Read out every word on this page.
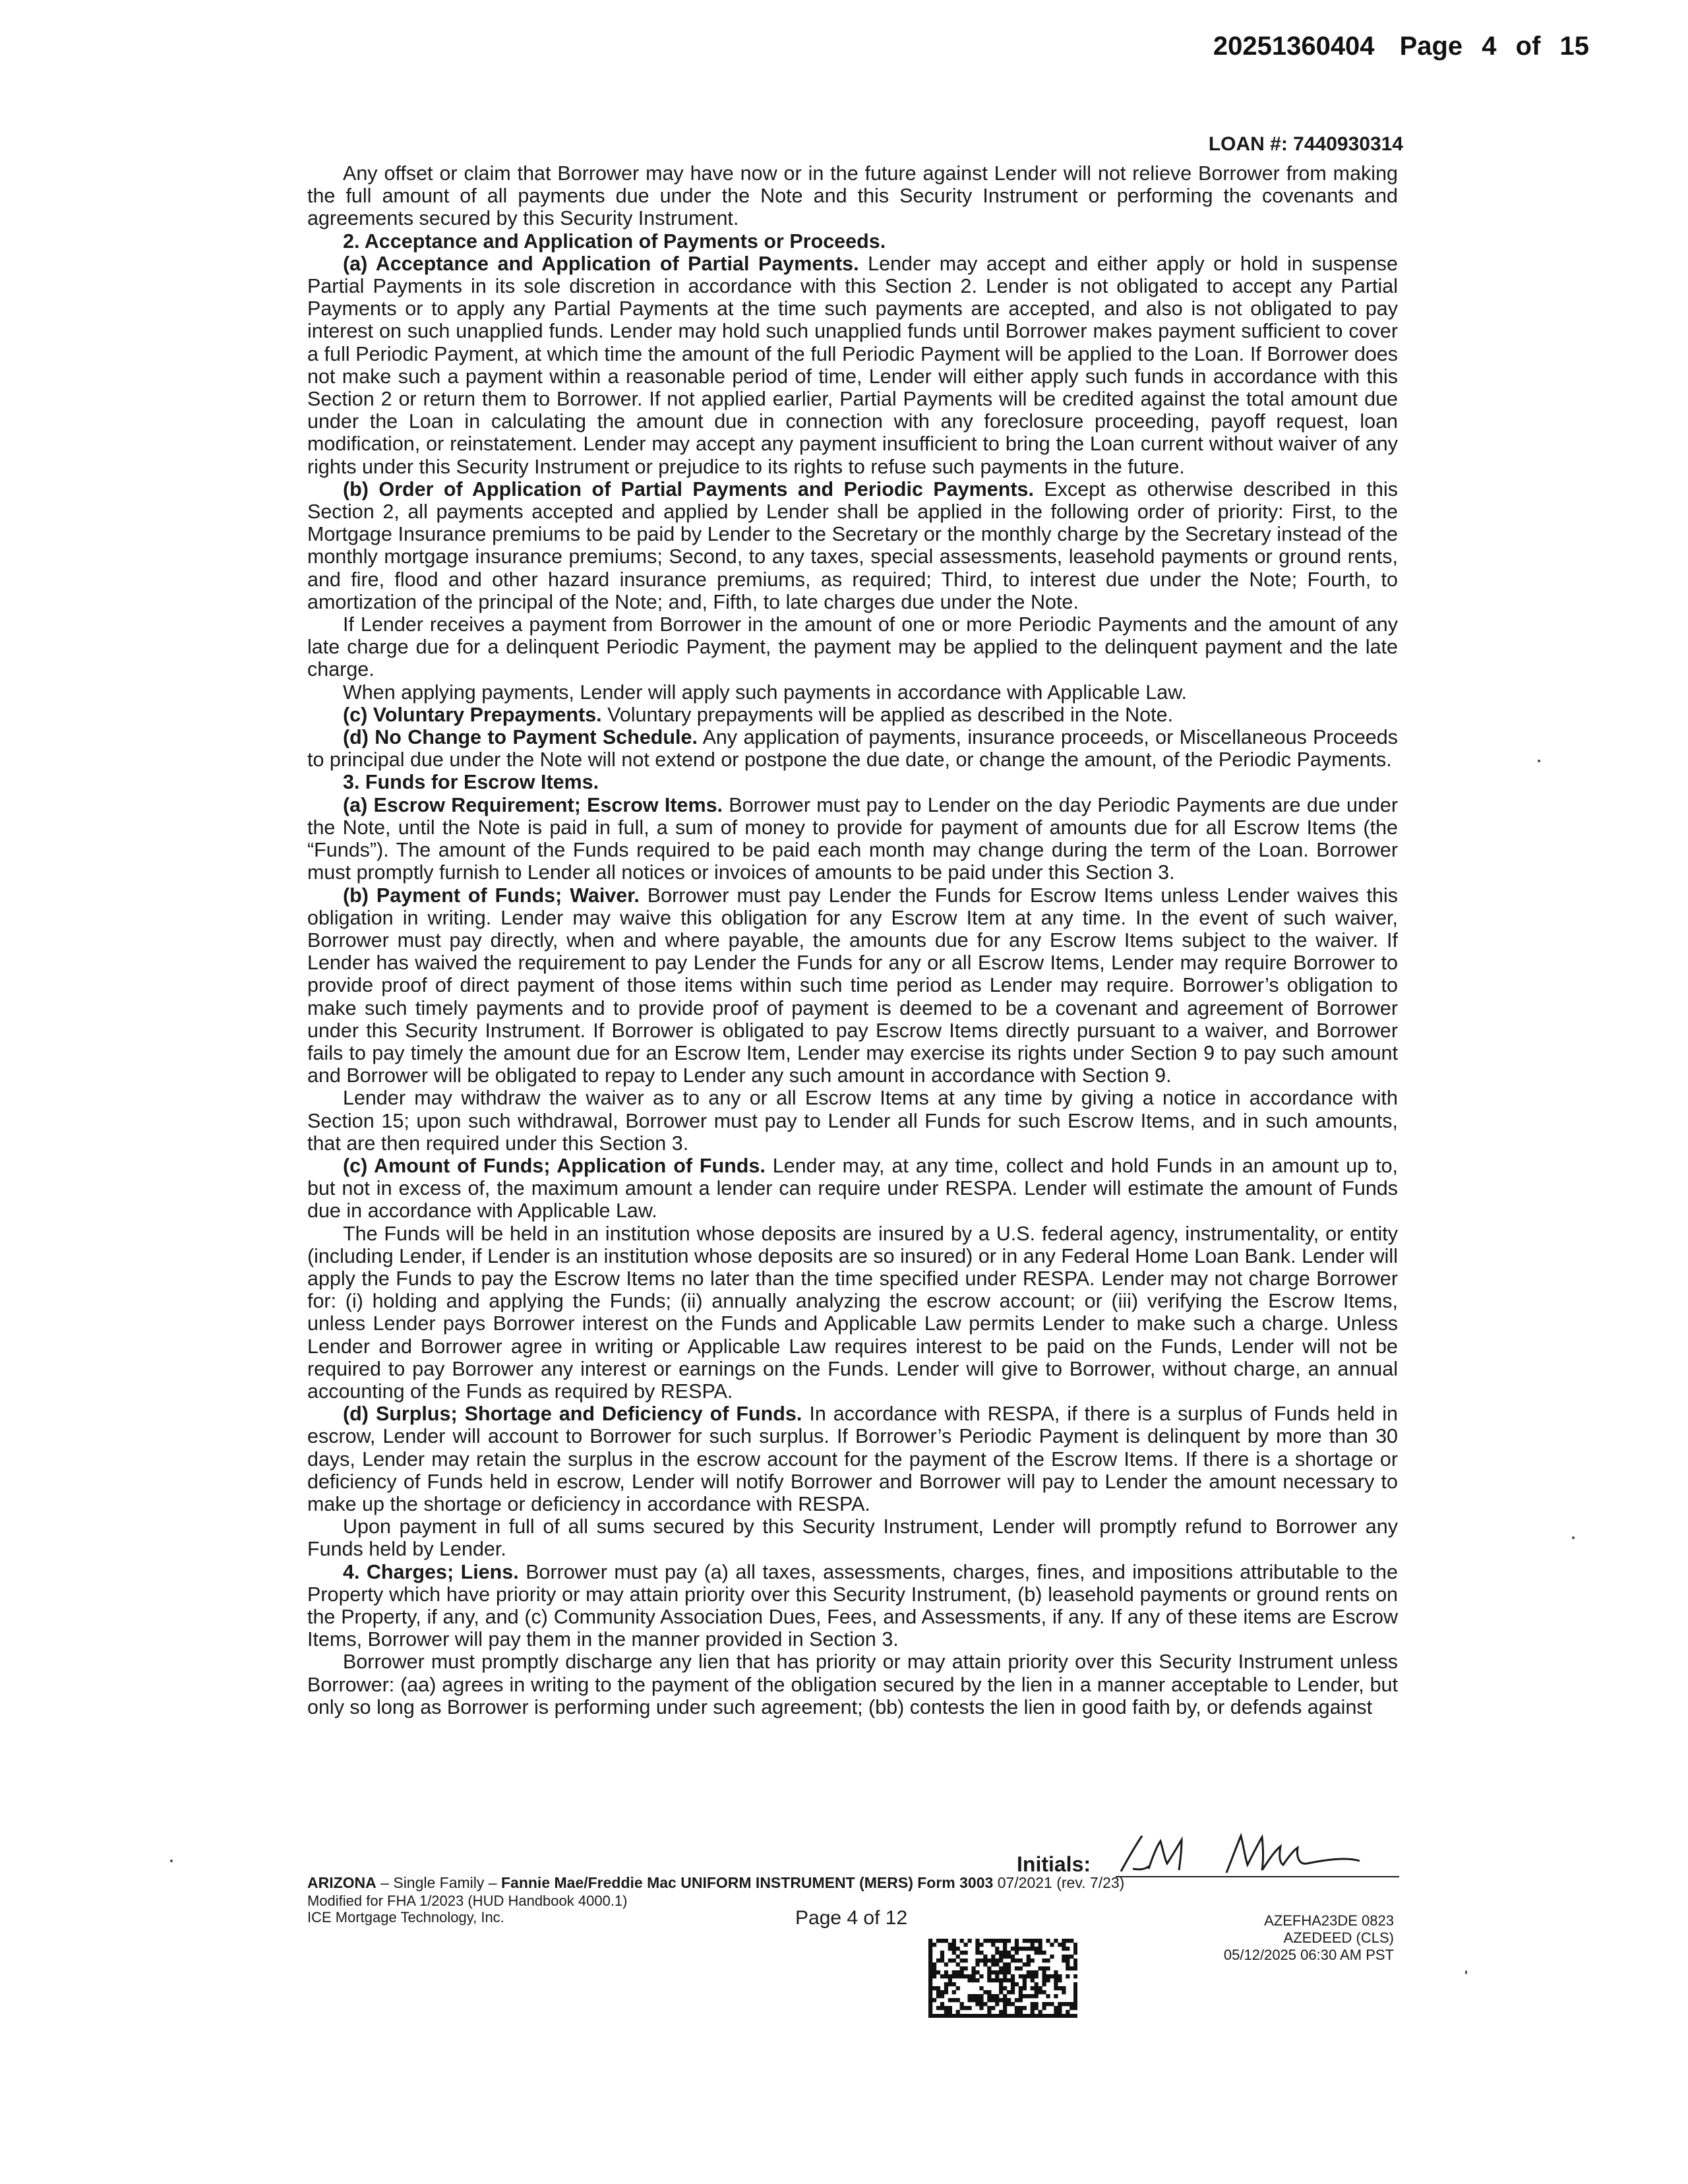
20251360404 Page 4 of 15
LOAN #: 7440930314

Any offset or claim that Borrower may have now or in the future against Lender will not relieve Borrower from making the full amount of all payments due under the Note and this Security Instrument or performing the covenants and agreements secured by this Security Instrument.

2. Acceptance and Application of Payments or Proceeds.

(a) Acceptance and Application of Partial Payments. Lender may accept and either apply or hold in suspense Partial Payments in its sole discretion in accordance with this Section 2. Lender is not obligated to accept any Partial Payments or to apply any Partial Payments at the time such payments are accepted, and also is not obligated to pay interest on such unapplied funds. Lender may hold such unapplied funds until Borrower makes payment sufficient to cover a full Periodic Payment, at which time the amount of the full Periodic Payment will be applied to the Loan. If Borrower does not make such a payment within a reasonable period of time, Lender will either apply such funds in accordance with this Section 2 or return them to Borrower. If not applied earlier, Partial Payments will be credited against the total amount due under the Loan in calculating the amount due in connection with any foreclosure proceeding, payoff request, loan modification, or reinstatement. Lender may accept any payment insufficient to bring the Loan current without waiver of any rights under this Security Instrument or prejudice to its rights to refuse such payments in the future.

(b) Order of Application of Partial Payments and Periodic Payments. Except as otherwise described in this Section 2, all payments accepted and applied by Lender shall be applied in the following order of priority: First, to the Mortgage Insurance premiums to be paid by Lender to the Secretary or the monthly charge by the Secretary instead of the monthly mortgage insurance premiums; Second, to any taxes, special assessments, leasehold payments or ground rents, and fire, flood and other hazard insurance premiums, as required; Third, to interest due under the Note; Fourth, to amortization of the principal of the Note; and, Fifth, to late charges due under the Note.

If Lender receives a payment from Borrower in the amount of one or more Periodic Payments and the amount of any late charge due for a delinquent Periodic Payment, the payment may be applied to the delinquent payment and the late charge.

When applying payments, Lender will apply such payments in accordance with Applicable Law.

(c) Voluntary Prepayments. Voluntary prepayments will be applied as described in the Note.

(d) No Change to Payment Schedule. Any application of payments, insurance proceeds, or Miscellaneous Proceeds to principal due under the Note will not extend or postpone the due date, or change the amount, of the Periodic Payments.

3. Funds for Escrow Items.

(a) Escrow Requirement; Escrow Items. Borrower must pay to Lender on the day Periodic Payments are due under the Note, until the Note is paid in full, a sum of money to provide for payment of amounts due for all Escrow Items (the “Funds”). The amount of the Funds required to be paid each month may change during the term of the Loan. Borrower must promptly furnish to Lender all notices or invoices of amounts to be paid under this Section 3.

(b) Payment of Funds; Waiver. Borrower must pay Lender the Funds for Escrow Items unless Lender waives this obligation in writing. Lender may waive this obligation for any Escrow Item at any time. In the event of such waiver, Borrower must pay directly, when and where payable, the amounts due for any Escrow Items subject to the waiver. If Lender has waived the requirement to pay Lender the Funds for any or all Escrow Items, Lender may require Borrower to provide proof of direct payment of those items within such time period as Lender may require. Borrower’s obligation to make such timely payments and to provide proof of payment is deemed to be a covenant and agreement of Borrower under this Security Instrument. If Borrower is obligated to pay Escrow Items directly pursuant to a waiver, and Borrower fails to pay timely the amount due for an Escrow Item, Lender may exercise its rights under Section 9 to pay such amount and Borrower will be obligated to repay to Lender any such amount in accordance with Section 9.

Lender may withdraw the waiver as to any or all Escrow Items at any time by giving a notice in accordance with Section 15; upon such withdrawal, Borrower must pay to Lender all Funds for such Escrow Items, and in such amounts, that are then required under this Section 3.

(c) Amount of Funds; Application of Funds. Lender may, at any time, collect and hold Funds in an amount up to, but not in excess of, the maximum amount a lender can require under RESPA. Lender will estimate the amount of Funds due in accordance with Applicable Law.

The Funds will be held in an institution whose deposits are insured by a U.S. federal agency, instrumentality, or entity (including Lender, if Lender is an institution whose deposits are so insured) or in any Federal Home Loan Bank. Lender will apply the Funds to pay the Escrow Items no later than the time specified under RESPA. Lender may not charge Borrower for: (i) holding and applying the Funds; (ii) annually analyzing the escrow account; or (iii) verifying the Escrow Items, unless Lender pays Borrower interest on the Funds and Applicable Law permits Lender to make such a charge. Unless Lender and Borrower agree in writing or Applicable Law requires interest to be paid on the Funds, Lender will not be required to pay Borrower any interest or earnings on the Funds. Lender will give to Borrower, without charge, an annual accounting of the Funds as required by RESPA.

(d) Surplus; Shortage and Deficiency of Funds. In accordance with RESPA, if there is a surplus of Funds held in escrow, Lender will account to Borrower for such surplus. If Borrower’s Periodic Payment is delinquent by more than 30 days, Lender may retain the surplus in the escrow account for the payment of the Escrow Items. If there is a shortage or deficiency of Funds held in escrow, Lender will notify Borrower and Borrower will pay to Lender the amount necessary to make up the shortage or deficiency in accordance with RESPA.

Upon payment in full of all sums secured by this Security Instrument, Lender will promptly refund to Borrower any Funds held by Lender.

4. Charges; Liens. Borrower must pay (a) all taxes, assessments, charges, fines, and impositions attributable to the Property which have priority or may attain priority over this Security Instrument, (b) leasehold payments or ground rents on the Property, if any, and (c) Community Association Dues, Fees, and Assessments, if any. If any of these items are Escrow Items, Borrower will pay them in the manner provided in Section 3.

Borrower must promptly discharge any lien that has priority or may attain priority over this Security Instrument unless Borrower: (aa) agrees in writing to the payment of the obligation secured by the lien in a manner acceptable to Lender, but only so long as Borrower is performing under such agreement; (bb) contests the lien in good faith by, or defends against

Initials:
ARIZONA – Single Family – Fannie Mae/Freddie Mac UNIFORM INSTRUMENT (MERS) Form 3003 07/2021 (rev. 7/23)
Modified for FHA 1/2023 (HUD Handbook 4000.1)
ICE Mortgage Technology, Inc.	Page 4 of 12	AZEFHA23DE 0823
AZEDEED (CLS)
05/12/2025 06:30 AM PST
